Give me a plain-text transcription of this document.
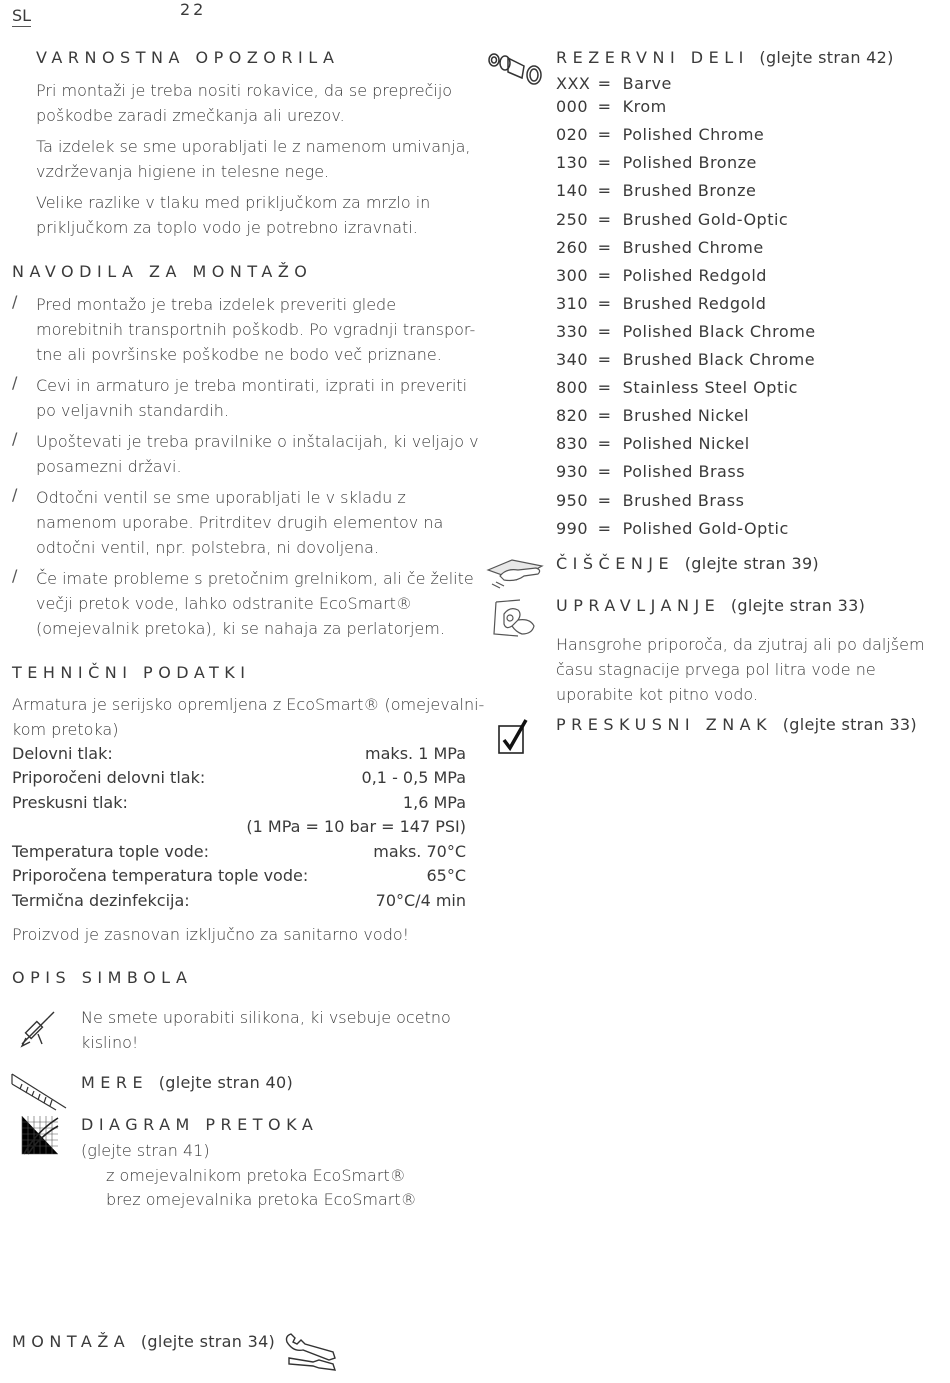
SL	22
VARNOSTNA OPOZORILA
Pri montaži je treba nositi rokavice, da se preprečijo
poškodbe zaradi zmečkanja ali urezov.
Ta izdelek se sme uporabljati le z namenom umivanja,
vzdrževanja higiene in telesne nege.
Velike razlike v tlaku med priključkom za mrzlo in
priključkom za toplo vodo je potrebno izravnati.
NAVODILA ZA MONTAŽO
/ Pred montažo je treba izdelek preveriti glede
morebitnih transportnih poškodb. Po vgradnji transpor-
tne ali površinske poškodbe ne bodo več priznane.
/ Cevi in armaturo je treba montirati, izprati in preveriti
po veljavnih standardih.
/ Upoštevati je treba pravilnike o inštalacijah, ki veljajo v
posamezni državi.
/ Odtočni ventil se sme uporabljati le v skladu z
namenom uporabe. Pritrditev drugih elementov na
odtočni ventil, npr. polstebra, ni dovoljena.
/ Če imate probleme s pretočnim grelnikom, ali če želite
večji pretok vode, lahko odstranite EcoSmart®
(omejevalnik pretoka), ki se nahaja za perlatorjem.
TEHNIČNI PODATKI
Armatura je serijsko opremljena z EcoSmart® (omejevalni-
kom pretoka)
Delovni tlak:	maks. 1 MPa
Priporočeni delovni tlak:	0,1 - 0,5 MPa
Preskusni tlak:	1,6 MPa
(1 MPa = 10 bar = 147 PSI)
Temperatura tople vode:	maks. 70°C
Priporočena temperatura tople vode:	65°C
Termična dezinfekcija:	70°C/4 min
Proizvod je zasnovan izključno za sanitarno vodo!
OPIS SIMBOLA
Ne smete uporabiti silikona, ki vsebuje ocetno
kislino!
MERE (glejte stran 40)
DIAGRAM PRETOKA
(glejte stran 41)
z omejevalnikom pretoka EcoSmart®
brez omejevalnika pretoka EcoSmart®
MONTAŽA (glejte stran 34)
REZERVNI DELI (glejte stran 42)
XXX =  Barve
000 =  Krom
020 =  Polished Chrome
130 =  Polished Bronze
140 =  Brushed Bronze
250 =  Brushed Gold-Optic
260 =  Brushed Chrome
300 =  Polished Redgold
310 =  Brushed Redgold
330 =  Polished Black Chrome
340 =  Brushed Black Chrome
800 =  Stainless Steel Optic
820 =  Brushed Nickel
830 =  Polished Nickel
930 =  Polished Brass
950 =  Brushed Brass
990 =  Polished Gold-Optic
ČIŠČENJE (glejte stran 39)
UPRAVLJANJE (glejte stran 33)
Hansgrohe priporoča, da zjutraj ali po daljšem
času stagnacije prvega pol litra vode ne
uporabite kot pitno vodo.
PRESKUSNI ZNAK (glejte stran 33)
